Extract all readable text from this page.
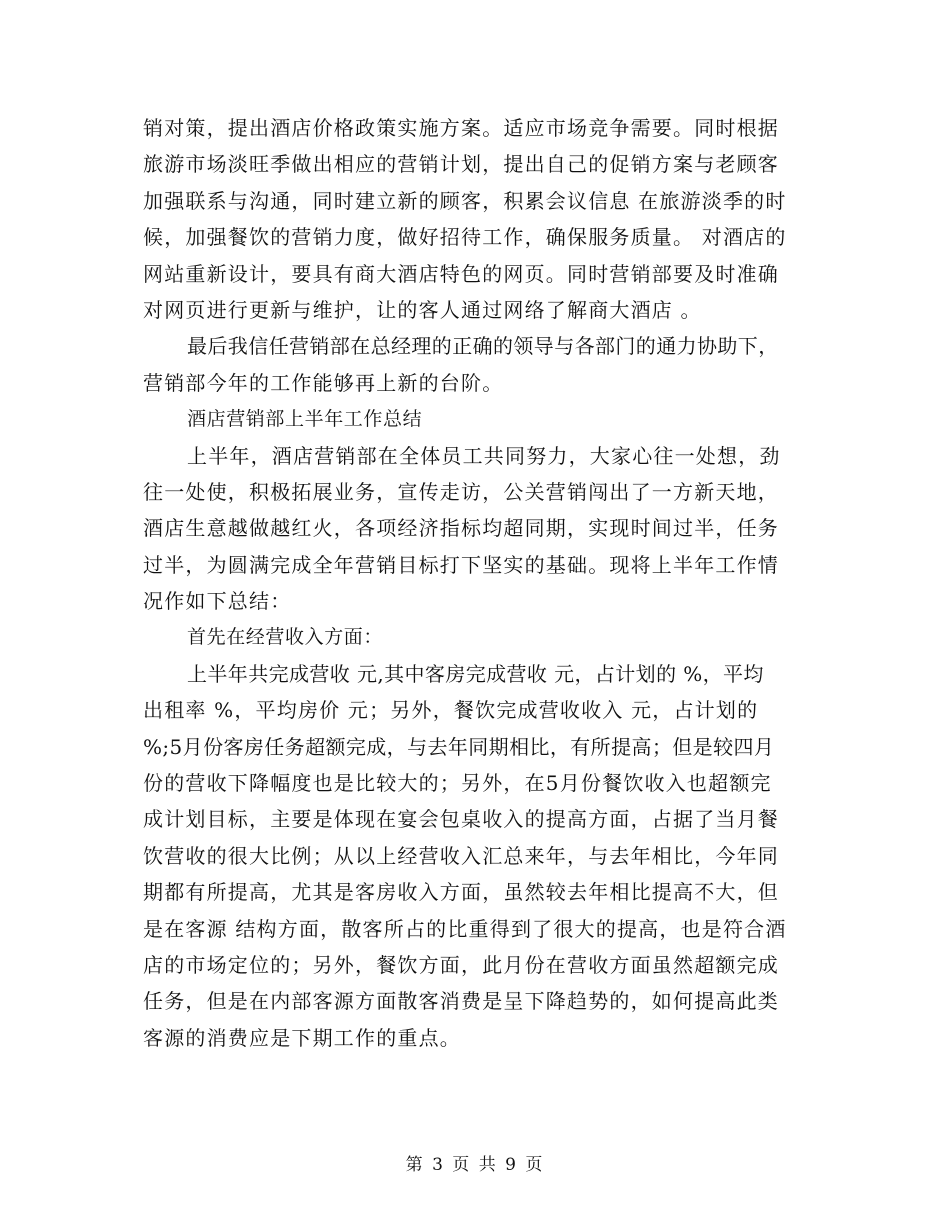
销对策，提出酒店价格政策实施方案。适应市场竞争需要。同时根据
旅游市场淡旺季做出相应的营销计划，提出自己的促销方案与老顾客
加强联系与沟通，同时建立新的顾客，积累会议信息 在旅游淡季的时
候，加强餐饮的营销力度，做好招待工作，确保服务质量。 对酒店的
网站重新设计，要具有商大酒店特色的网页。同时营销部要及时准确
对网页进行更新与维护，让的客人通过网络了解商大酒店 。
最后我信任营销部在总经理的正确的领导与各部门的通力协助下，
营销部今年的工作能够再上新的台阶。
酒店营销部上半年工作总结
上半年，酒店营销部在全体员工共同努力，大家心往一处想，劲
往一处使，积极拓展业务，宣传走访，公关营销闯出了一方新天地，
酒店生意越做越红火，各项经济指标均超同期，实现时间过半，任务
过半，为圆满完成全年营销目标打下坚实的基础。现将上半年工作情
况作如下总结：
首先在经营收入方面：
上半年共完成营收 元,其中客房完成营收 元，占计划的 %，平均
出租率 %，平均房价 元；另外，餐饮完成营收收入 元，占计划的
%;5月份客房任务超额完成，与去年同期相比，有所提高；但是较四月
份的营收下降幅度也是比较大的；另外，在5月份餐饮收入也超额完
成计划目标，主要是体现在宴会包桌收入的提高方面，占据了当月餐
饮营收的很大比例；从以上经营收入汇总来年，与去年相比，今年同
期都有所提高，尤其是客房收入方面，虽然较去年相比提高不大，但
是在客源 结构方面，散客所占的比重得到了很大的提高，也是符合酒
店的市场定位的；另外，餐饮方面，此月份在营收方面虽然超额完成
任务，但是在内部客源方面散客消费是呈下降趋势的，如何提高此类
客源的消费应是下期工作的重点。
第 3 页 共 9 页
